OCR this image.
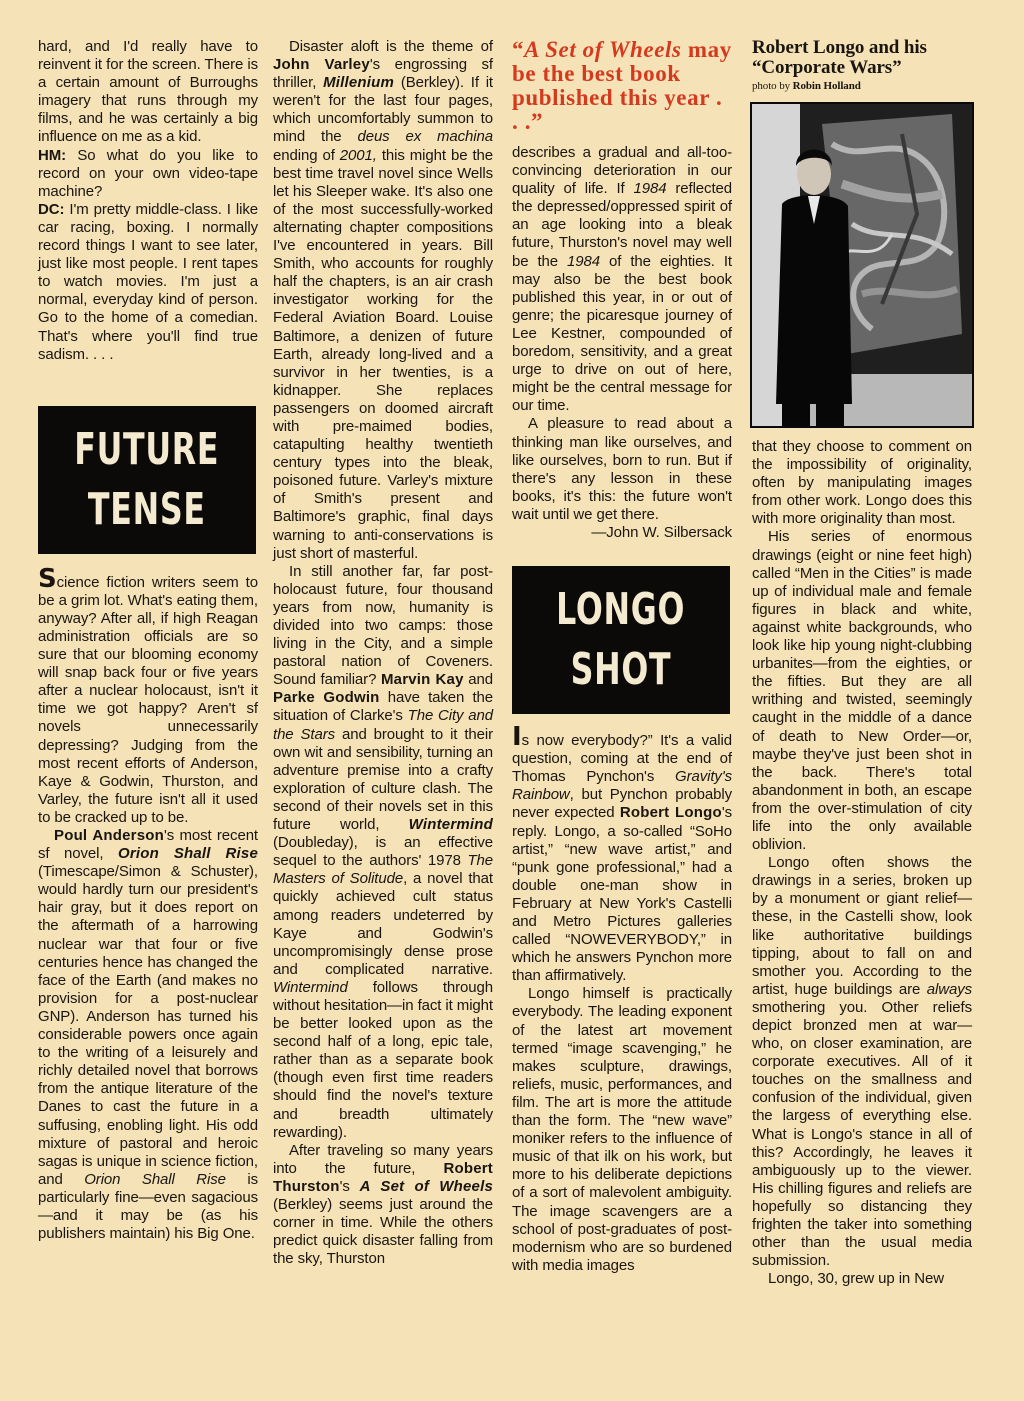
hard, and I'd really have to reinvent it for the screen. There is a certain amount of Burroughs imagery that runs through my films, and he was certainly a big influence on me as a kid.

HM: So what do you like to record on your own video-tape machine?

DC: I'm pretty middle-class. I like car racing, boxing. I normally record things I want to see later, just like most people. I rent tapes to watch movies. I'm just a normal, everyday kind of person. Go to the home of a comedian. That's where you'll find true sadism. . . .

FUTURE
TENSE

Science fiction writers seem to be a grim lot. What's eating them, anyway? After all, if high Reagan administration officials are so sure that our blooming economy will snap back four or five years after a nuclear holocaust, isn't it time we got happy? Aren't sf novels unnecessarily depressing? Judging from the most recent efforts of Anderson, Kaye & Godwin, Thurston, and Varley, the future isn't all it used to be cracked up to be.

Poul Anderson's most recent sf novel, Orion Shall Rise (Timescape/Simon & Schuster), would hardly turn our president's hair gray, but it does report on the aftermath of a harrowing nuclear war that four or five centuries hence has changed the face of the Earth (and makes no provision for a post-nuclear GNP). Anderson has turned his considerable powers once again to the writing of a leisurely and richly detailed novel that borrows from the antique literature of the Danes to cast the future in a suffusing, enobling light. His odd mixture of pastoral and heroic sagas is unique in science fiction, and Orion Shall Rise is particularly fine—even sagacious—and it may be (as his publishers maintain) his Big One.

Disaster aloft is the theme of John Varley's engrossing sf thriller, Millenium (Berkley). If it weren't for the last four pages, which uncomfortably summon to mind the deus ex machina ending of 2001, this might be the best time travel novel since Wells let his Sleeper wake. It's also one of the most successfully-worked alternating chapter compositions I've encountered in years. Bill Smith, who accounts for roughly half the chapters, is an air crash investigator working for the Federal Aviation Board. Louise Baltimore, a denizen of future Earth, already long-lived and a survivor in her twenties, is a kidnapper. She replaces passengers on doomed aircraft with pre-maimed bodies, catapulting healthy twentieth century types into the bleak, poisoned future. Varley's mixture of Smith's present and Baltimore's graphic, final days warning to anti-conservations is just short of masterful.

In still another far, far post-holocaust future, four thousand years from now, humanity is divided into two camps: those living in the City, and a simple pastoral nation of Coveners. Sound familiar? Marvin Kay and Parke Godwin have taken the situation of Clarke's The City and the Stars and brought to it their own wit and sensibility, turning an adventure premise into a crafty exploration of culture clash. The second of their novels set in this future world, Wintermind (Doubleday), is an effective sequel to the authors' 1978 The Masters of Solitude, a novel that quickly achieved cult status among readers undeterred by Kaye and Godwin's uncompromisingly dense prose and complicated narrative. Wintermind follows through without hesitation—in fact it might be better looked upon as the second half of a long, epic tale, rather than as a separate book (though even first time readers should find the novel's texture and breadth ultimately rewarding).

After traveling so many years into the future, Robert Thurston's A Set of Wheels (Berkley) seems just around the corner in time. While the others predict quick disaster falling from the sky, Thurston

“A Set of Wheels may be the best book published this year . . .”

describes a gradual and all-too-convincing deterioration in our quality of life. If 1984 reflected the depressed/oppressed spirit of an age looking into a bleak future, Thurston's novel may well be the 1984 of the eighties. It may also be the best book published this year, in or out of genre; the picaresque journey of Lee Kestner, compounded of boredom, sensitivity, and a great urge to drive on out of here, might be the central message for our time.

A pleasure to read about a thinking man like ourselves, and like ourselves, born to run. But if there's any lesson in these books, it's this: the future won't wait until we get there.

—John W. Silbersack

LONGO
SHOT

Is now everybody?” It's a valid question, coming at the end of Thomas Pynchon's Gravity's Rainbow, but Pynchon probably never expected Robert Longo's reply. Longo, a so-called “SoHo artist,” “new wave artist,” and “punk gone professional,” had a double one-man show in February at New York's Castelli and Metro Pictures galleries called “NOWEVERYBODY,” in which he answers Pynchon more than affirmatively.

Longo himself is practically everybody. The leading exponent of the latest art movement termed “image scavenging,” he makes sculpture, drawings, reliefs, music, performances, and film. The art is more the attitude than the form. The “new wave” moniker refers to the influence of music of that ilk on his work, but more to his deliberate depictions of a sort of malevolent ambiguity. The image scavengers are a school of post-graduates of post-modernism who are so burdened with media images

Robert Longo and his “Corporate Wars”
photo by Robin Holland

that they choose to comment on the impossibility of originality, often by manipulating images from other work. Longo does this with more originality than most.

His series of enormous drawings (eight or nine feet high) called “Men in the Cities” is made up of individual male and female figures in black and white, against white backgrounds, who look like hip young night-clubbing urbanites—from the eighties, or the fifties. But they are all writhing and twisted, seemingly caught in the middle of a dance of death to New Order—or, maybe they've just been shot in the back. There's total abandonment in both, an escape from the over-stimulation of city life into the only available oblivion.

Longo often shows the drawings in a series, broken up by a monument or giant relief—these, in the Castelli show, look like authoritative buildings tipping, about to fall on and smother you. According to the artist, huge buildings are always smothering you. Other reliefs depict bronzed men at war—who, on closer examination, are corporate executives. All of it touches on the smallness and confusion of the individual, given the largess of everything else. What is Longo's stance in all of this? Accordingly, he leaves it ambiguously up to the viewer. His chilling figures and reliefs are hopefully so distancing they frighten the taker into something other than the usual media submission.

Longo, 30, grew up in New
